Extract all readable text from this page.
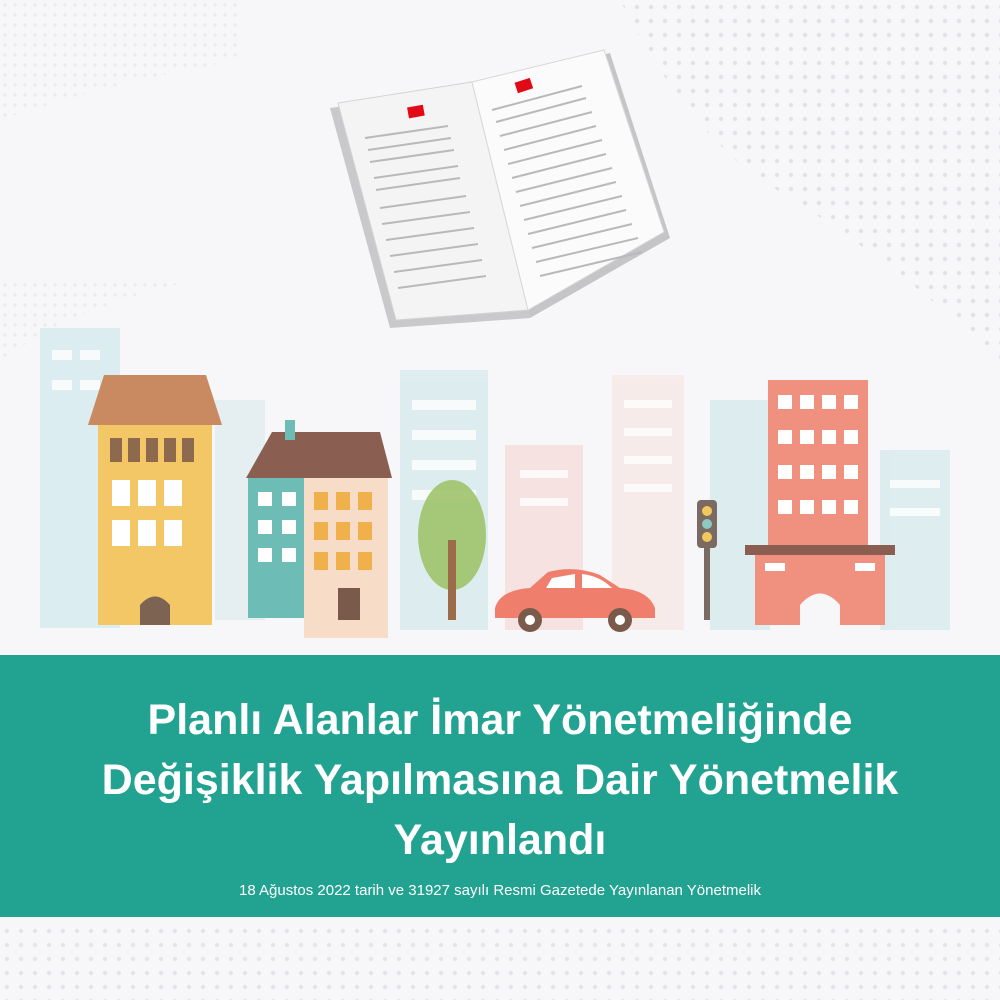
Planlı Alanlar İmar Yönetmeliğinde
Değişiklik Yapılmasına Dair Yönetmelik
Yayınlandı

18 Ağustos 2022 tarih ve 31927 sayılı Resmi Gazetede Yayınlanan Yönetmelik
